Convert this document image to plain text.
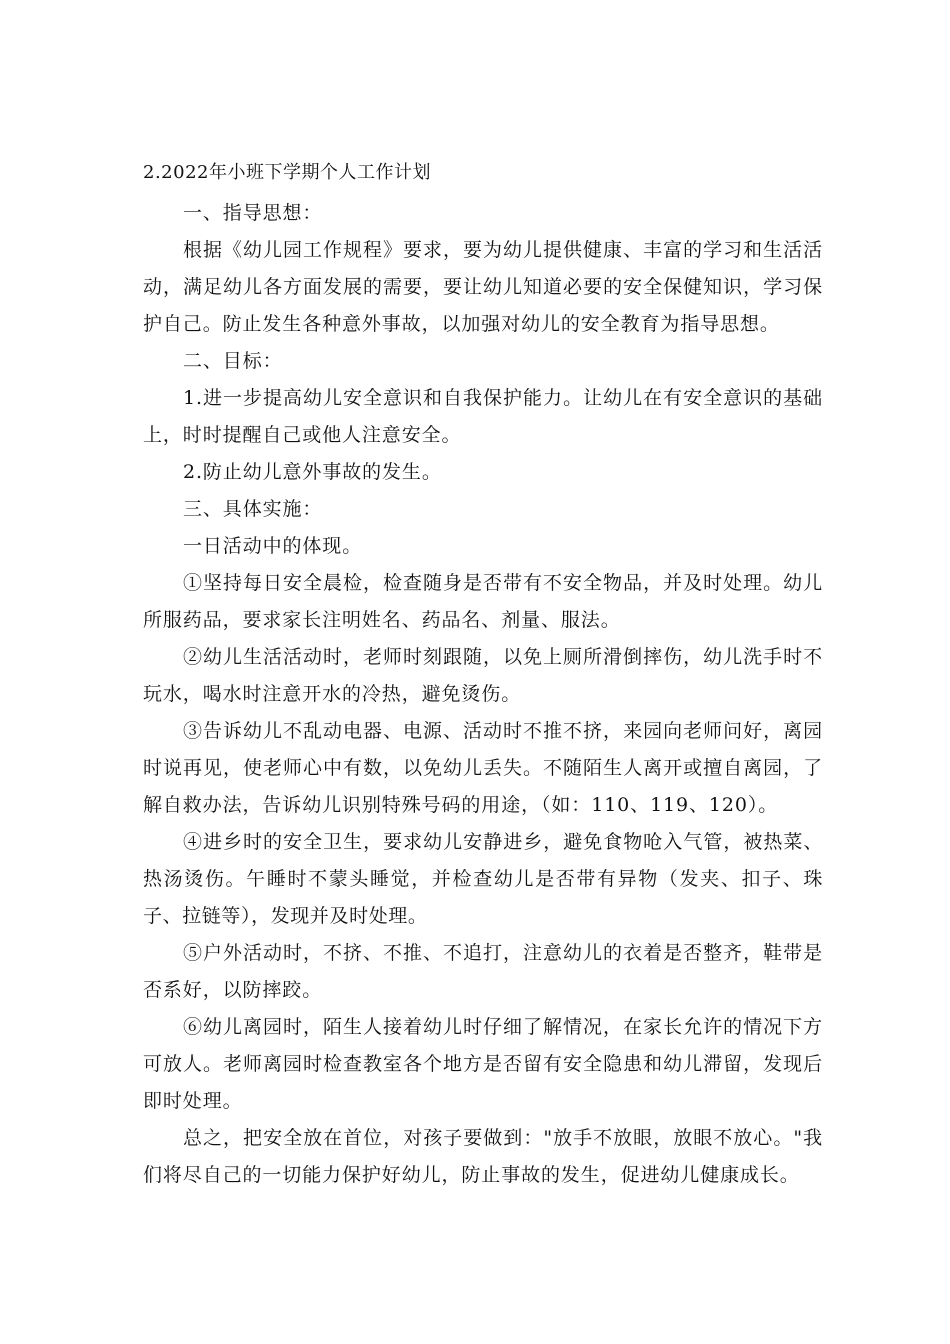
2.2022年小班下学期个人工作计划

一、指导思想：

根据《幼儿园工作规程》要求，要为幼儿提供健康、丰富的学习和生活活动，满足幼儿各方面发展的需要，要让幼儿知道必要的安全保健知识，学习保护自己。防止发生各种意外事故，以加强对幼儿的安全教育为指导思想。

二、目标：

1.进一步提高幼儿安全意识和自我保护能力。让幼儿在有安全意识的基础上，时时提醒自己或他人注意安全。

2.防止幼儿意外事故的发生。

三、具体实施：

一日活动中的体现。

①坚持每日安全晨检，检查随身是否带有不安全物品，并及时处理。幼儿所服药品，要求家长注明姓名、药品名、剂量、服法。

②幼儿生活活动时，老师时刻跟随，以免上厕所滑倒摔伤，幼儿洗手时不玩水，喝水时注意开水的冷热，避免烫伤。

③告诉幼儿不乱动电器、电源、活动时不推不挤，来园向老师问好，离园时说再见，使老师心中有数，以免幼儿丢失。不随陌生人离开或擅自离园，了解自救办法，告诉幼儿识别特殊号码的用途，（如：110、119、120）。

④进乡时的安全卫生，要求幼儿安静进乡，避免食物呛入气管，被热菜、热汤烫伤。午睡时不蒙头睡觉，并检查幼儿是否带有异物（发夹、扣子、珠子、拉链等），发现并及时处理。

⑤户外活动时，不挤、不推、不追打，注意幼儿的衣着是否整齐，鞋带是否系好，以防摔跤。

⑥幼儿离园时，陌生人接着幼儿时仔细了解情况，在家长允许的情况下方可放人。老师离园时检查教室各个地方是否留有安全隐患和幼儿滞留，发现后即时处理。

总之，把安全放在首位，对孩子要做到："放手不放眼，放眼不放心。"我们将尽自己的一切能力保护好幼儿，防止事故的发生，促进幼儿健康成长。
